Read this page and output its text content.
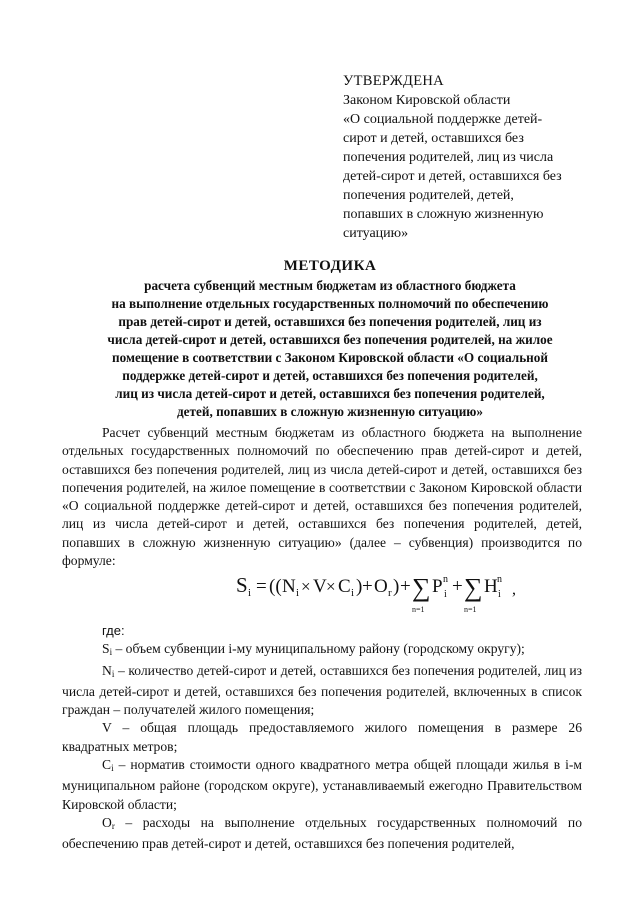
УТВЕРЖДЕНА
Законом Кировской области
«О социальной поддержке детей-
сирот и детей, оставшихся без
попечения родителей, лиц из числа
детей-сирот и детей, оставшихся без
попечения родителей, детей,
попавших в сложную жизненную
ситуацию»
МЕТОДИКА
расчета субвенций местным бюджетам из областного бюджета
на выполнение отдельных государственных полномочий по обеспечению
прав детей-сирот и детей, оставшихся без попечения родителей, лиц из
числа детей-сирот и детей, оставшихся без попечения родителей, на жилое
помещение в соответствии с Законом Кировской области «О социальной
поддержке детей-сирот и детей, оставшихся без попечения родителей,
лиц из числа детей-сирот и детей, оставшихся без попечения родителей,
детей, попавших в сложную жизненную ситуацию»

Расчет субвенций местным бюджетам из областного бюджета на выполнение отдельных государственных полномочий по обеспечению прав детей-сирот и детей, оставшихся без попечения родителей, лиц из числа детей-сирот и детей, оставшихся без попечения родителей, на жилое помещение в соответствии с Законом Кировской области «О социальной поддержке детей-сирот и детей, оставшихся без попечения родителей, лиц из числа детей-сирот и детей, оставшихся без попечения родителей, детей, попавших в сложную жизненную ситуацию» (далее – субвенция) производится по формуле:

S i = (( N i × V × C i ) + O r ) + ∑
n=1
P n
i + ∑
n=1
H n
i ,

где:

$S_i$ – объем субвенции i-му муниципальному району (городскому округу);

$N_i$ – количество детей-сирот и детей, оставшихся без попечения родителей, лиц из числа детей-сирот и детей, оставшихся без попечения родителей, включенных в список граждан – получателей жилого помещения;

V – общая площадь предоставляемого жилого помещения в размере 26 квадратных метров;

$C_i$ – норматив стоимости одного квадратного метра общей площади жилья в i-м муниципальном районе (городском округе), устанавливаемый ежегодно Правительством Кировской области;

$O_r$ – расходы на выполнение отдельных государственных полномочий по обеспечению прав детей-сирот и детей, оставшихся без попечения родителей,
